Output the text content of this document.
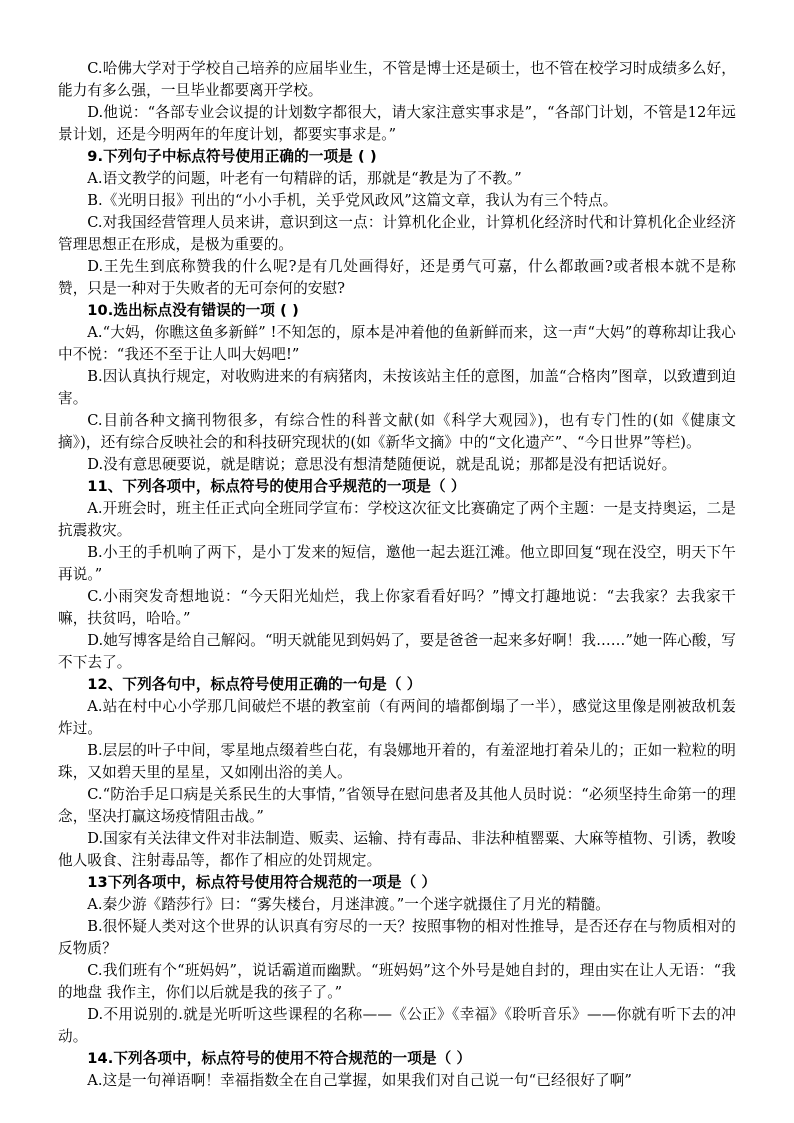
C.哈佛大学对于学校自己培养的应届毕业生，不管是博士还是硕士，也不管在校学习时成绩多么好，能力有多么强，一旦毕业都要离开学校。

D.他说：“各部专业会议提的计划数字都很大，请大家注意实事求是”，“各部门计划，不管是12年远景计划，还是今明两年的年度计划，都要实事求是。”

9.下列句子中标点符号使用正确的一项是 ( )

A.语文教学的问题，叶老有一句精辟的话，那就是“教是为了不教。”

B.《光明日报》刊出的“小小手机，关乎党风政风”这篇文章，我认为有三个特点。

C.对我国经营管理人员来讲，意识到这一点：计算机化企业，计算机化经济时代和计算机化企业经济管理思想正在形成，是极为重要的。

D.王先生到底称赞我的什么呢?是有几处画得好，还是勇气可嘉，什么都敢画?或者根本就不是称赞，只是一种对于失败者的无可奈何的安慰?

10.选出标点没有错误的一项 ( )

A.“大妈，你瞧这鱼多新鲜” !不知怎的，原本是冲着他的鱼新鲜而来，这一声“大妈”的尊称却让我心中不悦：“我还不至于让人叫大妈吧!”

B.因认真执行规定，对收购进来的有病猪肉，未按该站主任的意图，加盖“合格肉”图章，以致遭到迫害。

C.目前各种文摘刊物很多，有综合性的科普文献(如《科学大观园》)，也有专门性的(如《健康文摘》)，还有综合反映社会的和科技研究现状的(如《新华文摘》中的“文化遗产”、“今日世界”等栏)。

D.没有意思硬要说，就是瞎说；意思没有想清楚随便说，就是乱说；那都是没有把话说好。

11、下列各项中，标点符号的使用合乎规范的一项是（ ）

A.开班会时，班主任正式向全班同学宣布：学校这次征文比赛确定了两个主题：一是支持奥运，二是抗震救灾。

B.小王的手机响了两下，是小丁发来的短信，邀他一起去逛江滩。他立即回复“现在没空，明天下午再说。”

C.小雨突发奇想地说：“今天阳光灿烂，我上你家看看好吗？”博文打趣地说：“去我家？去我家干嘛，扶贫吗，哈哈。”

D.她写博客是给自己解闷。“明天就能见到妈妈了，要是爸爸一起来多好啊！我……”她一阵心酸，写不下去了。

12、下列各句中，标点符号使用正确的一句是（ ）

A.站在村中心小学那几间破烂不堪的教室前（有两间的墙都倒塌了一半），感觉这里像是刚被敌机轰炸过。

B.层层的叶子中间，零星地点缀着些白花，有袅娜地开着的，有羞涩地打着朵儿的；正如一粒粒的明珠，又如碧天里的星星，又如刚出浴的美人。

C.“防治手足口病是关系民生的大事情，”省领导在慰问患者及其他人员时说：“必须坚持生命第一的理念，坚决打赢这场疫情阻击战。”

D.国家有关法律文件对非法制造、贩卖、运输、持有毒品、非法种植罂粟、大麻等植物、引诱，教唆他人吸食、注射毒品等，都作了相应的处罚规定。

13下列各项中，标点符号使用符合规范的一项是（ ）

A.秦少游《踏莎行》曰：“雾失楼台，月迷津渡。”一个迷字就摄住了月光的精髓。

B.很怀疑人类对这个世界的认识真有穷尽的一天？按照事物的相对性推导，是否还存在与物质相对的反物质？

C.我们班有个“班妈妈”，说话霸道而幽默。“班妈妈”这个外号是她自封的，理由实在让人无语：“我的地盘 我作主，你们以后就是我的孩子了。”

D.不用说别的.就是光听听这些课程的名称——《公正》《幸福》《聆听音乐》——你就有听下去的冲动。

14.下列各项中，标点符号的使用不符合规范的一项是（ ）

A.这是一句禅语啊！幸福指数全在自己掌握，如果我们对自己说一句“已经很好了啊”
